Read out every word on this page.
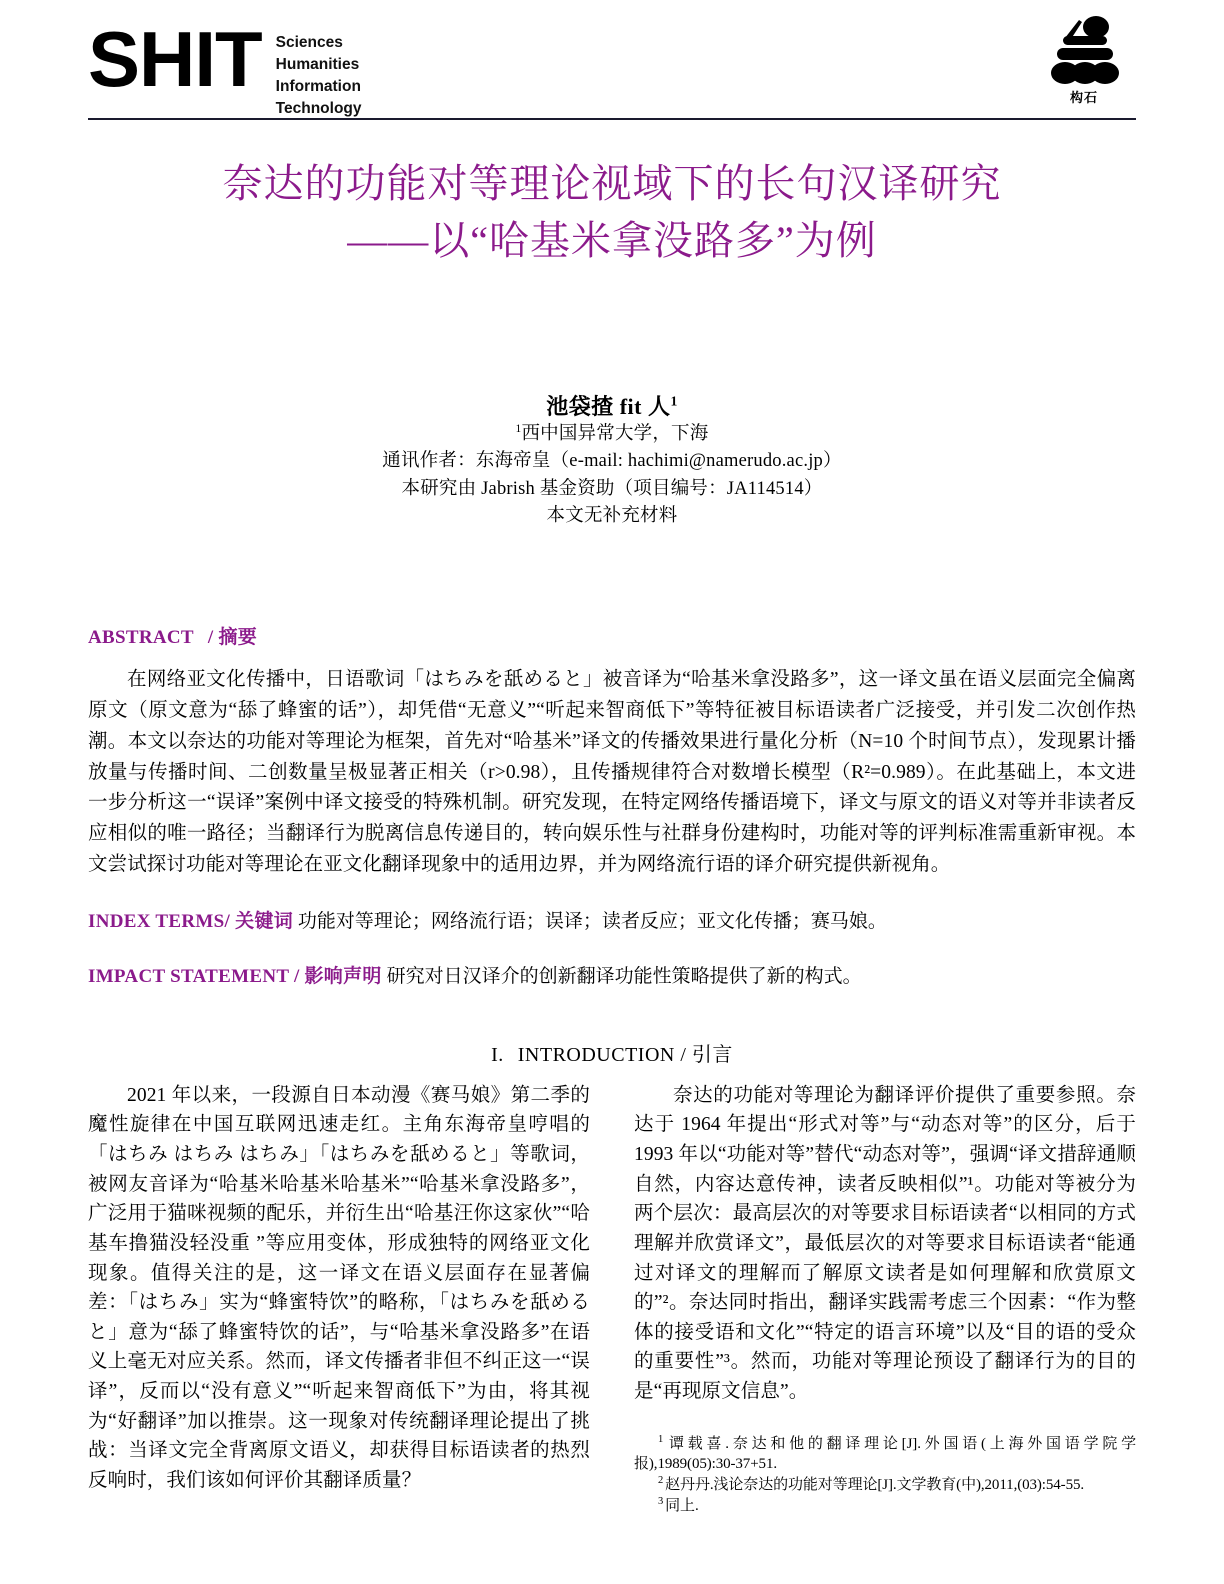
SHIT Sciences
Humanities
Information
Technology
构石
奈达的功能对等理论视域下的长句汉译研究
——以“哈基米拿没路多”为例
池袋揸 fit 人$^1$
$^1$西中国异常大学，下海
通讯作者：东海帝皇（e-mail: hachimi@namerudo.ac.jp）
本研究由 Jabrish 基金资助（项目编号：JA114514）
本文无补充材料
ABSTRACT / 摘要

在网络亚文化传播中，日语歌词「はちみを舐めると」被音译为“哈基米拿没路多”，这一译文虽在语义层面完全偏离原文（原文意为“舔了蜂蜜的话”），却凭借“无意义”“听起来智商低下”等特征被目标语读者广泛接受，并引发二次创作热潮。本文以奈达的功能对等理论为框架，首先对“哈基米”译文的传播效果进行量化分析（N=10 个时间节点），发现累计播放量与传播时间、二创数量呈极显著正相关（r>0.98），且传播规律符合对数增长模型（R²=0.989）。在此基础上，本文进一步分析这一“误译”案例中译文接受的特殊机制。研究发现，在特定网络传播语境下，译文与原文的语义对等并非读者反应相似的唯一路径；当翻译行为脱离信息传递目的，转向娱乐性与社群身份建构时，功能对等的评判标准需重新审视。本文尝试探讨功能对等理论在亚文化翻译现象中的适用边界，并为网络流行语的译介研究提供新视角。

INDEX TERMS/ 关键词 功能对等理论；网络流行语；误译；读者反应；亚文化传播；赛马娘。
IMPACT STATEMENT / 影响声明 研究对日汉译介的创新翻译功能性策略提供了新的构式。
I. INTRODUCTION / 引言

2021 年以来，一段源自日本动漫《赛马娘》第二季的魔性旋律在中国互联网迅速走红。主角东海帝皇哼唱的「はちみ はちみ はちみ」「はちみを舐めると」等歌词，被网友音译为“哈基米哈基米哈基米”“哈基米拿没路多”，广泛用于猫咪视频的配乐，并衍生出“哈基汪你这家伙”“哈基车撸猫没轻没重 ”等应用变体，形成独特的网络亚文化现象。值得关注的是，这一译文在语义层面存在显著偏差：「はちみ」实为“蜂蜜特饮”的略称，「はちみを舐めると」意为“舔了蜂蜜特饮的话”，与“哈基米拿没路多”在语义上毫无对应关系。然而，译文传播者非但不纠正这一“误译”，反而以“没有意义”“听起来智商低下”为由，将其视为“好翻译”加以推崇。这一现象对传统翻译理论提出了挑战：当译文完全背离原文语义，却获得目标语读者的热烈反响时，我们该如何评价其翻译质量？

奈达的功能对等理论为翻译评价提供了重要参照。奈达于 1964 年提出“形式对等”与“动态对等”的区分，后于 1993 年以“功能对等”替代“动态对等”，强调“译文措辞通顺自然，内容达意传神，读者反映相似”¹。功能对等被分为两个层次：最高层次的对等要求目标语读者“以相同的方式理解并欣赏译文”，最低层次的对等要求目标语读者“能通过对译文的理解而了解原文读者是如何理解和欣赏原文的”²。奈达同时指出，翻译实践需考虑三个因素：“作为整体的接受语和文化”“特定的语言环境”以及“目的语的受众的重要性”³。然而，功能对等理论预设了翻译行为的目的是“再现原文信息”。

$^1$ 谭载喜.奈达和他的翻译理论[J].外国语(上海外国语学院学报),1989(05):30-37+51.

$^2$ 赵丹丹.浅论奈达的功能对等理论[J].文学教育(中),2011,(03):54-55.

$^3$ 同上.
